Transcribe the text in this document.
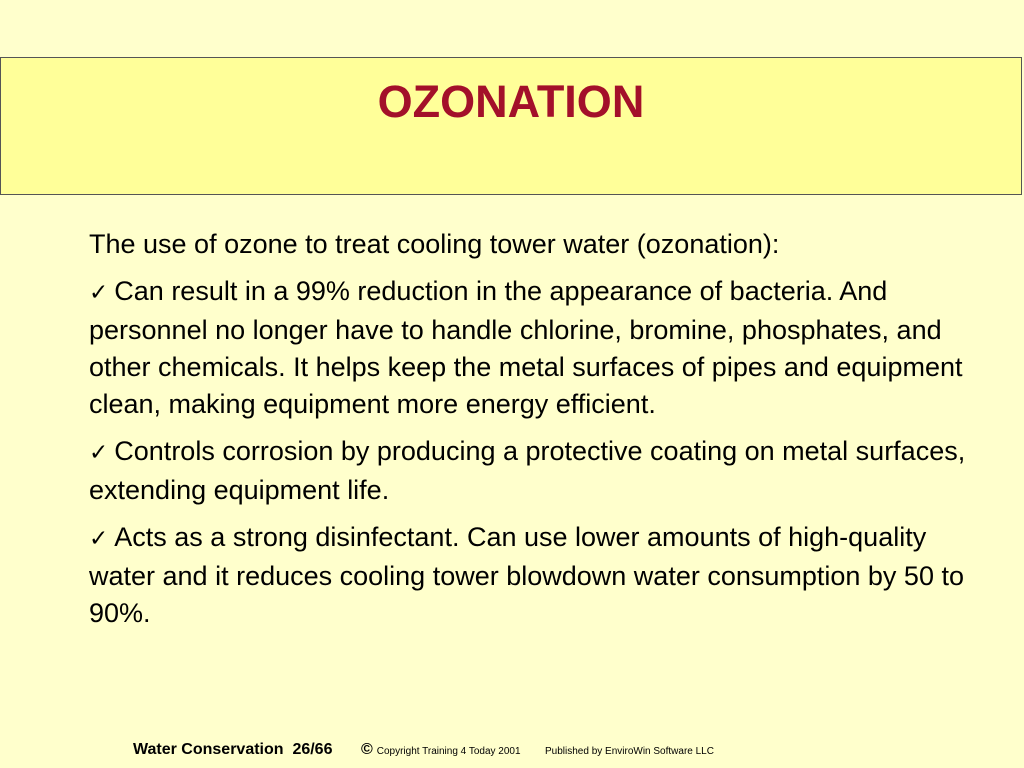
OZONATION

The use of ozone to treat cooling tower water (ozonation):

✓ Can result in a 99% reduction in the appearance of bacteria. And personnel no longer have to handle chlorine, bromine, phosphates, and other chemicals. It helps keep the metal surfaces of pipes and equipment clean, making equipment more energy efficient.

✓ Controls corrosion by producing a protective coating on metal surfaces, extending equipment life.

✓ Acts as a strong disinfectant. Can use lower amounts of high-quality water and it reduces cooling tower blowdown water consumption by 50 to 90%.

Water Conservation 26/66 © Copyright Training 4 Today 2001 Published by EnviroWin Software LLC
